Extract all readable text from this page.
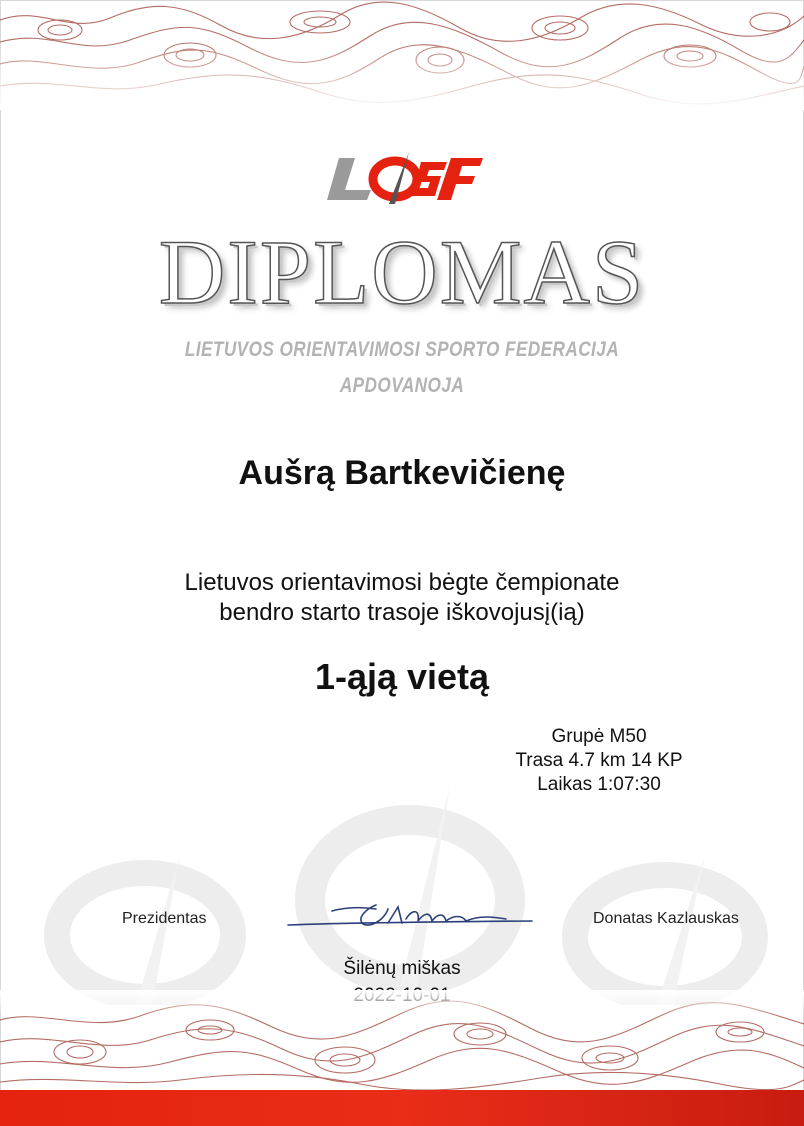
DIPLOMAS
LIETUVOS ORIENTAVIMOSI SPORTO FEDERACIJA
APDOVANOJA
Aušrą Bartkevičienę
Lietuvos orientavimosi bėgte čempionate
bendro starto trasoje iškovojusį(ią)
1-ąją vietą
Grupė M50
Trasa 4.7 km 14 KP
Laikas 1:07:30
Prezidentas	Donatas Kazlauskas
Šilėnų miškas
